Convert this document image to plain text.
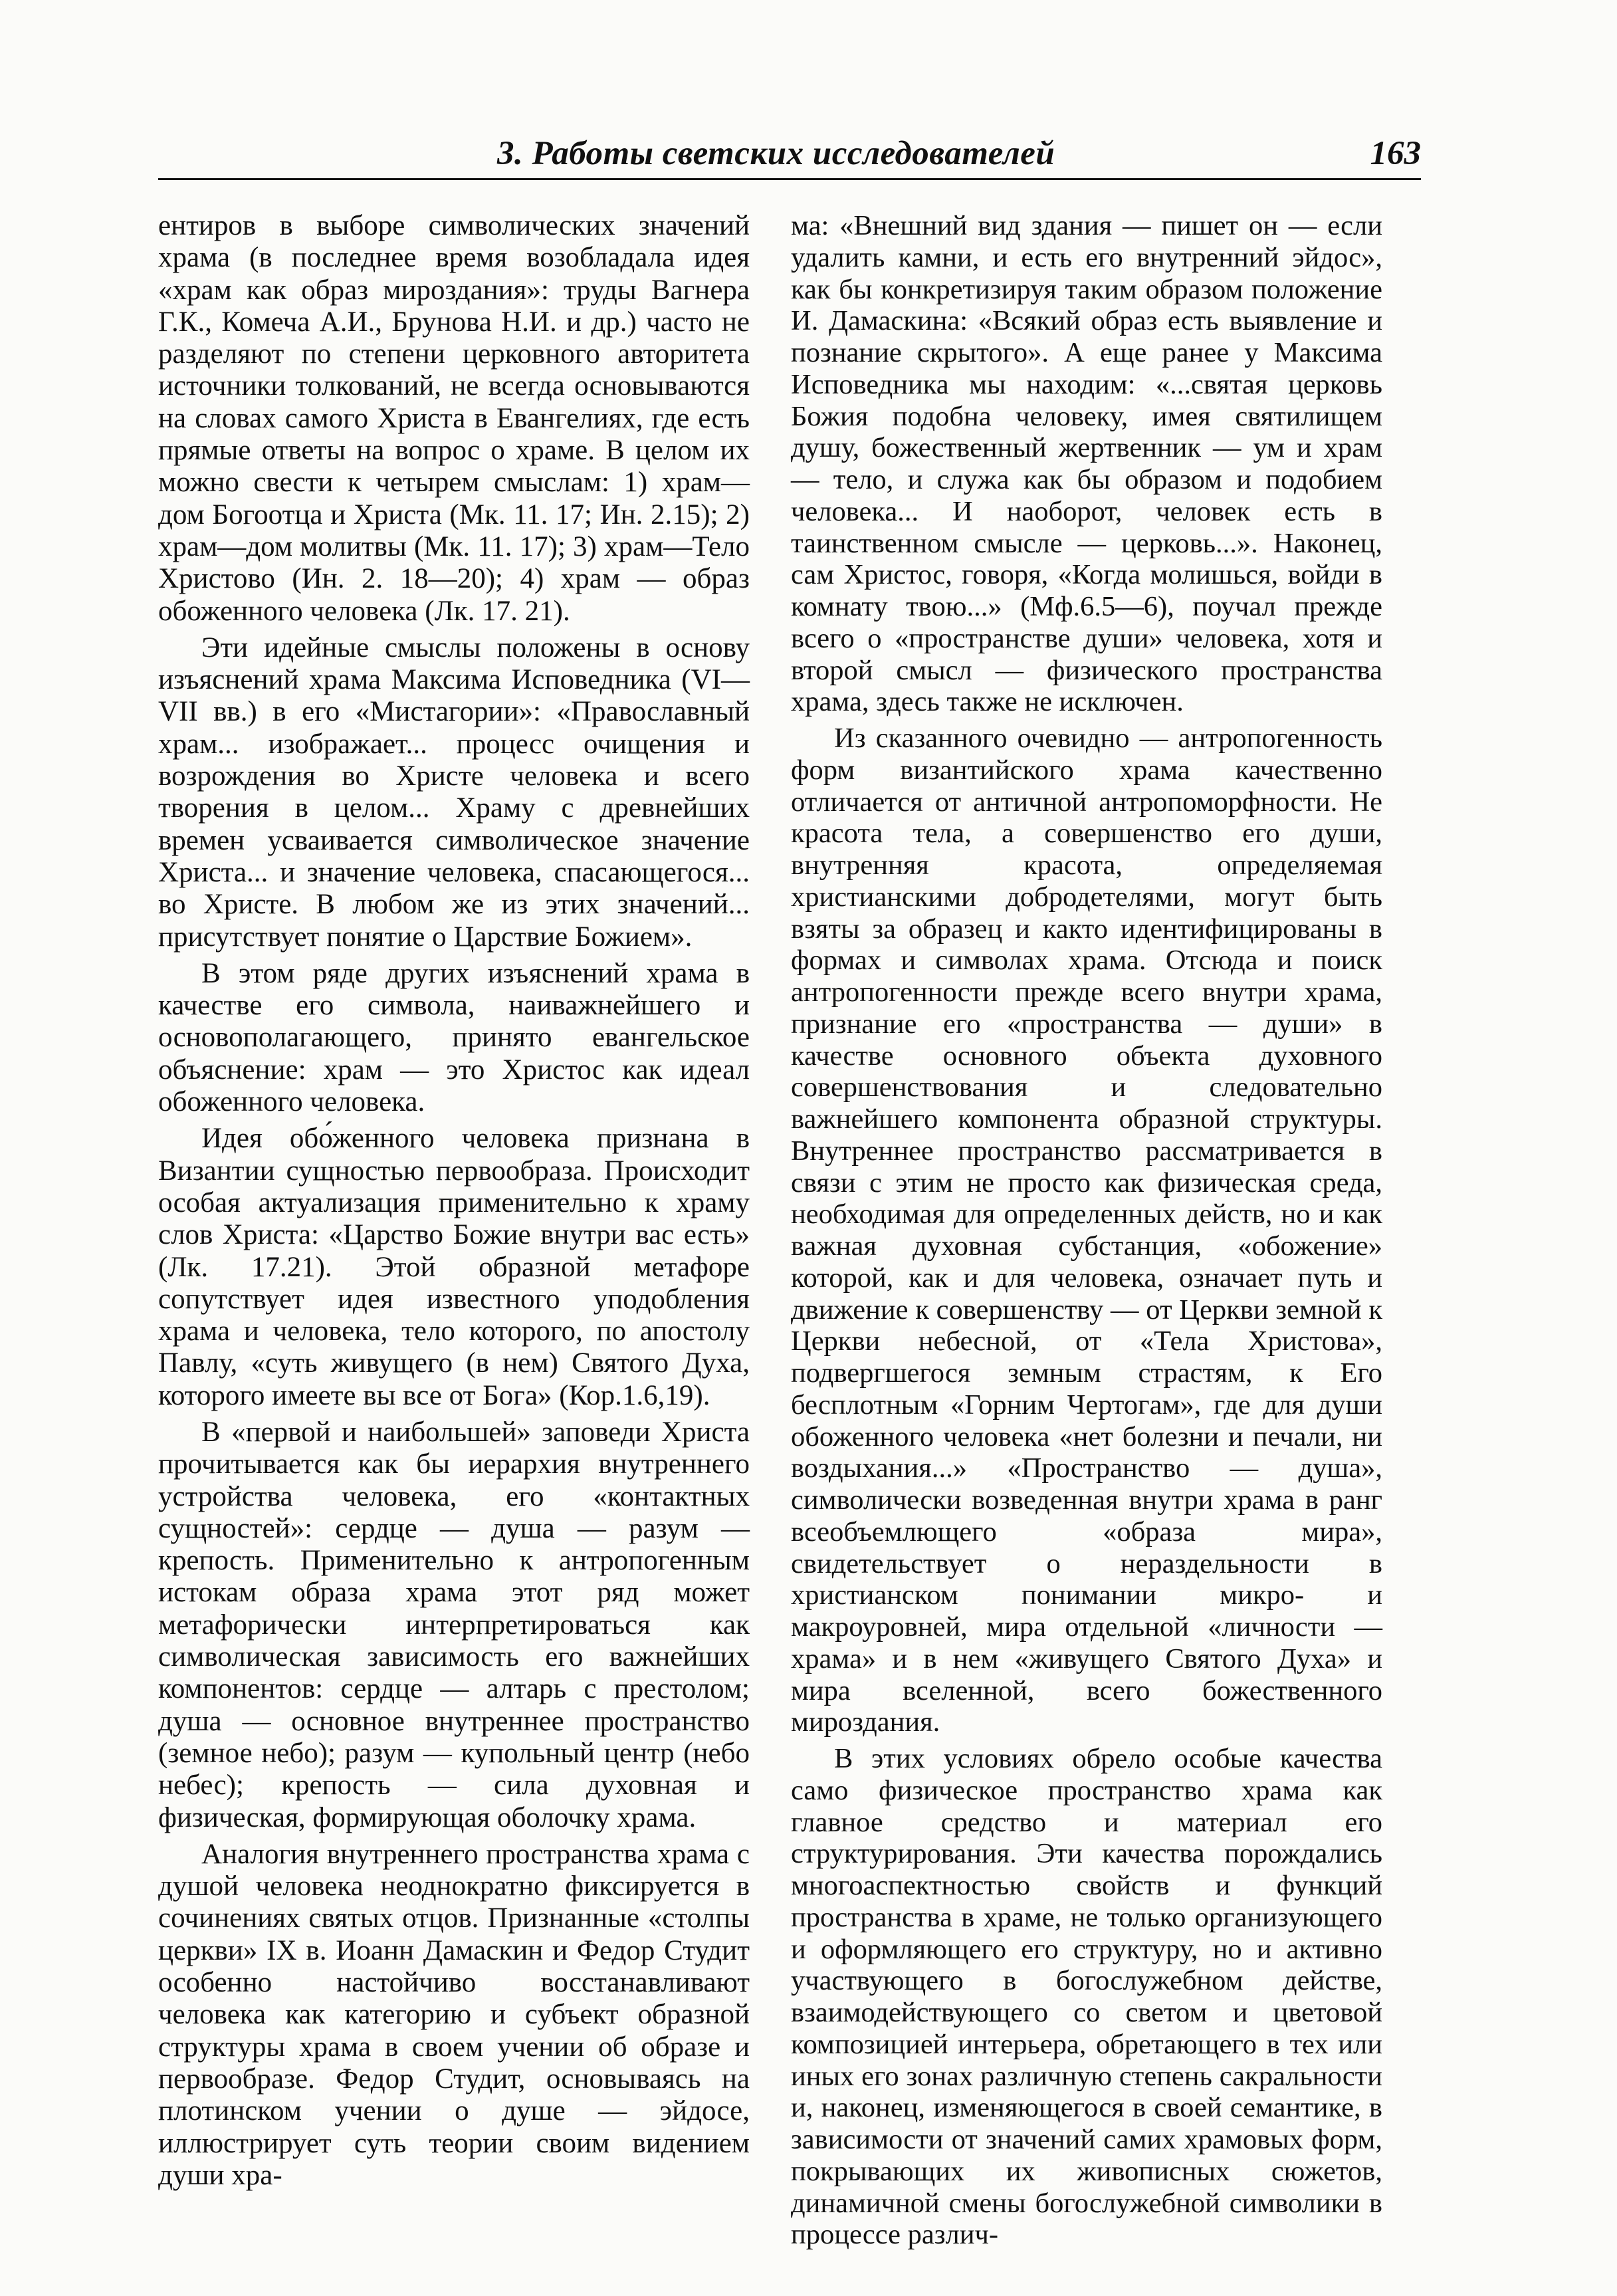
3. Работы светских исследователей	163

ентиров в выборе символических значений храма (в последнее время возобладала идея «храм как образ мироздания»: труды Вагнера Г.К., Комеча А.И., Брунова Н.И. и др.) часто не разделяют по степени церковного авторитета источники толкований, не всегда основываются на словах самого Христа в Евангелиях, где есть прямые ответы на вопрос о храме. В целом их можно свести к четырем смыслам: 1) храм—дом Богоотца и Христа (Мк. 11. 17; Ин. 2.15); 2) храм—дом молитвы (Мк. 11. 17); 3) храм—Тело Христово (Ин. 2. 18—20); 4) храм — образ обоженного человека (Лк. 17. 21).

Эти идейные смыслы положены в основу изъяснений храма Максима Исповедника (VI—VII вв.) в его «Мистагории»: «Православный храм... изображает... процесс очищения и возрождения во Христе человека и всего творения в целом... Храму с древнейших времен усваивается символическое значение Христа... и значение человека, спасающегося... во Христе. В любом же из этих значений... присутствует понятие о Царствие Божием».

В этом ряде других изъяснений храма в качестве его символа, наиважнейшего и основополагающего, принято евангельское объяснение: храм — это Христос как идеал обоженного человека.

Идея обо́женного человека признана в Византии сущностью первообраза. Происходит особая актуализация применительно к храму слов Христа: «Царство Божие внутри вас есть» (Лк. 17.21). Этой образной метафоре сопутствует идея известного уподобления храма и человека, тело которого, по апостолу Павлу, «суть живущего (в нем) Святого Духа, которого имеете вы все от Бога» (Кор.1.6,19).

В «первой и наибольшей» заповеди Христа прочитывается как бы иерархия внутреннего устройства человека, его «контактных сущностей»: сердце — душа — разум — крепость. Применительно к антропогенным истокам образа храма этот ряд может метафорически интерпретироваться как символическая зависимость его важнейших компонентов: сердце — алтарь с престолом; душа — основное внутреннее пространство (земное небо); разум — купольный центр (небо небес); крепость — сила духовная и физическая, формирующая оболочку храма.

Аналогия внутреннего пространства храма с душой человека неоднократно фиксируется в сочинениях святых отцов. Признанные «столпы церкви» IX в. Иоанн Дамаскин и Федор Студит особенно настойчиво восстанавливают человека как категорию и субъект образной структуры храма в своем учении об образе и первообразе. Федор Студит, основываясь на плотинском учении о душе — эйдосе, иллюстрирует суть теории своим видением души хра-

ма: «Внешний вид здания — пишет он — если удалить камни, и есть его внутренний эйдос», как бы конкретизируя таким образом положение И. Дамаскина: «Всякий образ есть выявление и познание скрытого». А еще ранее у Максима Исповедника мы находим: «...святая церковь Божия подобна человеку, имея святилищем душу, божественный жертвенник — ум и храм — тело, и служа как бы образом и подобием человека... И наоборот, человек есть в таинственном смысле — церковь...». Наконец, сам Христос, говоря, «Когда молишься, войди в комнату твою...» (Мф.6.5—6), поучал прежде всего о «пространстве души» человека, хотя и второй смысл — физического пространства храма, здесь также не исключен.

Из сказанного очевидно — антропогенность форм византийского храма качественно отличается от античной антропоморфности. Не красота тела, а совершенство его души, внутренняя красота, определяемая христианскими добродетелями, могут быть взяты за образец и както идентифицированы в формах и символах храма. Отсюда и поиск антропогенности прежде всего внутри храма, признание его «пространства — души» в качестве основного объекта духовного совершенствования и следовательно важнейшего компонента образной структуры. Внутреннее пространство рассматривается в связи с этим не просто как физическая среда, необходимая для определенных действ, но и как важная духовная субстанция, «обожение» которой, как и для человека, означает путь и движение к совершенству — от Церкви земной к Церкви небесной, от «Тела Христова», подвергшегося земным страстям, к Его бесплотным «Горним Чертогам», где для души обоженного человека «нет болезни и печали, ни воздыхания...» «Пространство — душа», символически возведенная внутри храма в ранг всеобъемлющего «образа мира», свидетельствует о нераздельности в христианском понимании микро- и макроуровней, мира отдельной «личности — храма» и в нем «живущего Святого Духа» и мира вселенной, всего божественного мироздания.

В этих условиях обрело особые качества само физическое пространство храма как главное средство и материал его структурирования. Эти качества порождались многоаспектностью свойств и функций пространства в храме, не только организующего и оформляющего его структуру, но и активно участвующего в богослужебном действе, взаимодействующего со светом и цветовой композицией интерьера, обретающего в тех или иных его зонах различную степень сакральности и, наконец, изменяющегося в своей семантике, в зависимости от значений самих храмовых форм, покрывающих их живописных сюжетов, динамичной смены богослужебной символики в процессе различ-
